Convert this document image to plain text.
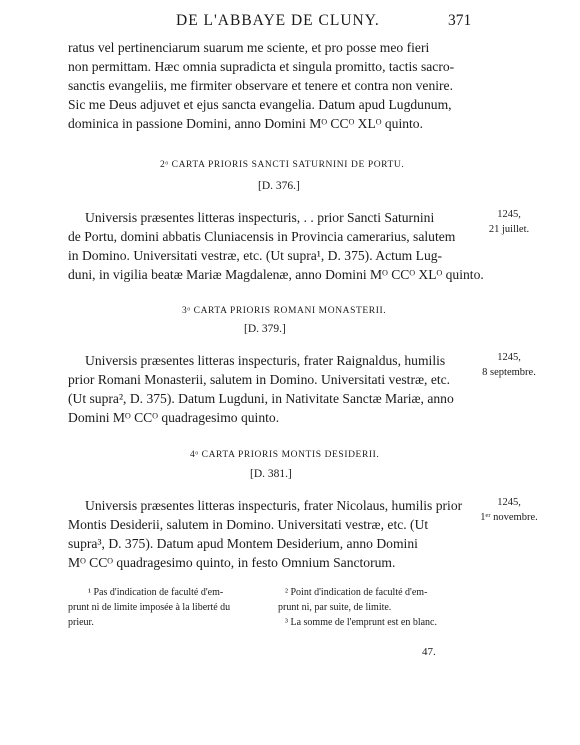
DE L'ABBAYE DE CLUNY.	371
ratus vel pertinenciarum suarum me sciente, et pro posse meo fieri
non permittam. Hæc omnia supradicta et singula promitto, tactis sacro-
sanctis evangeliis, me firmiter observare et tenere et contra non venire.
Sic me Deus adjuvet et ejus sancta evangelia. Datum apud Lugdunum,
dominica in passione Domini, anno Domini Mᴼ CCᴼ XLᴼ quinto.
2ᵒ CARTA PRIORIS SANCTI SATURNINI DE PORTU.
[D. 376.]
Universis præsentes litteras inspecturis, . . prior Sancti Saturnini
de Portu, domini abbatis Cluniacensis in Provincia camerarius, salutem
in Domino. Universitati vestræ, etc. (Ut supra¹, D. 375). Actum Lug-
duni, in vigilia beatæ Mariæ Magdalenæ, anno Domini Mᴼ CCᴼ XLᴼ quinto.
1245,
21 juillet.
3ᵒ CARTA PRIORIS ROMANI MONASTERII.
[D. 379.]
Universis præsentes litteras inspecturis, frater Raignaldus, humilis
prior Romani Monasterii, salutem in Domino. Universitati vestræ, etc.
(Ut supra², D. 375). Datum Lugduni, in Nativitate Sanctæ Mariæ, anno
Domini Mᴼ CCᴼ quadragesimo quinto.
1245,
8 septembre.
4ᵒ CARTA PRIORIS MONTIS DESIDERII.
[D. 381.]
Universis præsentes litteras inspecturis, frater Nicolaus, humilis prior
Montis Desiderii, salutem in Domino. Universitati vestræ, etc. (Ut
supra³, D. 375). Datum apud Montem Desiderium, anno Domini
Mᴼ CCᴼ quadragesimo quinto, in festo Omnium Sanctorum.
1245,
1ᵉʳ novembre.
¹ Pas d'indication de faculté d'em-
prunt ni de limite imposée à la liberté du
prieur.
² Point d'indication de faculté d'em-
prunt ni, par suite, de limite.
³ La somme de l'emprunt est en blanc.
47.
